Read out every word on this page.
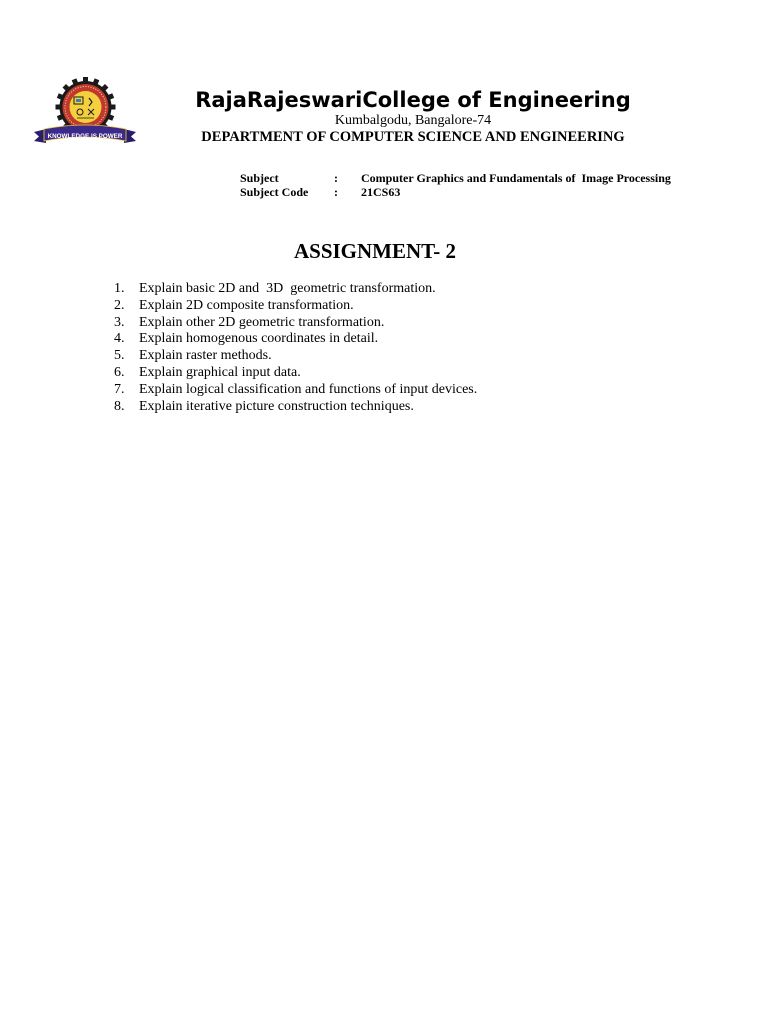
KNOWLEDGE IS POWER
RajaRajeswariCollege of Engineering
Kumbalgodu, Bangalore-74
DEPARTMENT OF COMPUTER SCIENCE AND ENGINEERING
Subject	: Computer Graphics and Fundamentals of  Image Processing
Subject Code : 21CS63
ASSIGNMENT- 2
1.	Explain basic 2D and  3D  geometric transformation.
2.	Explain 2D composite transformation.
3.	Explain other 2D geometric transformation.
4.	Explain homogenous coordinates in detail.
5.	Explain raster methods.
6.	Explain graphical input data.
7.	Explain logical classification and functions of input devices.
8.	Explain iterative picture construction techniques.
